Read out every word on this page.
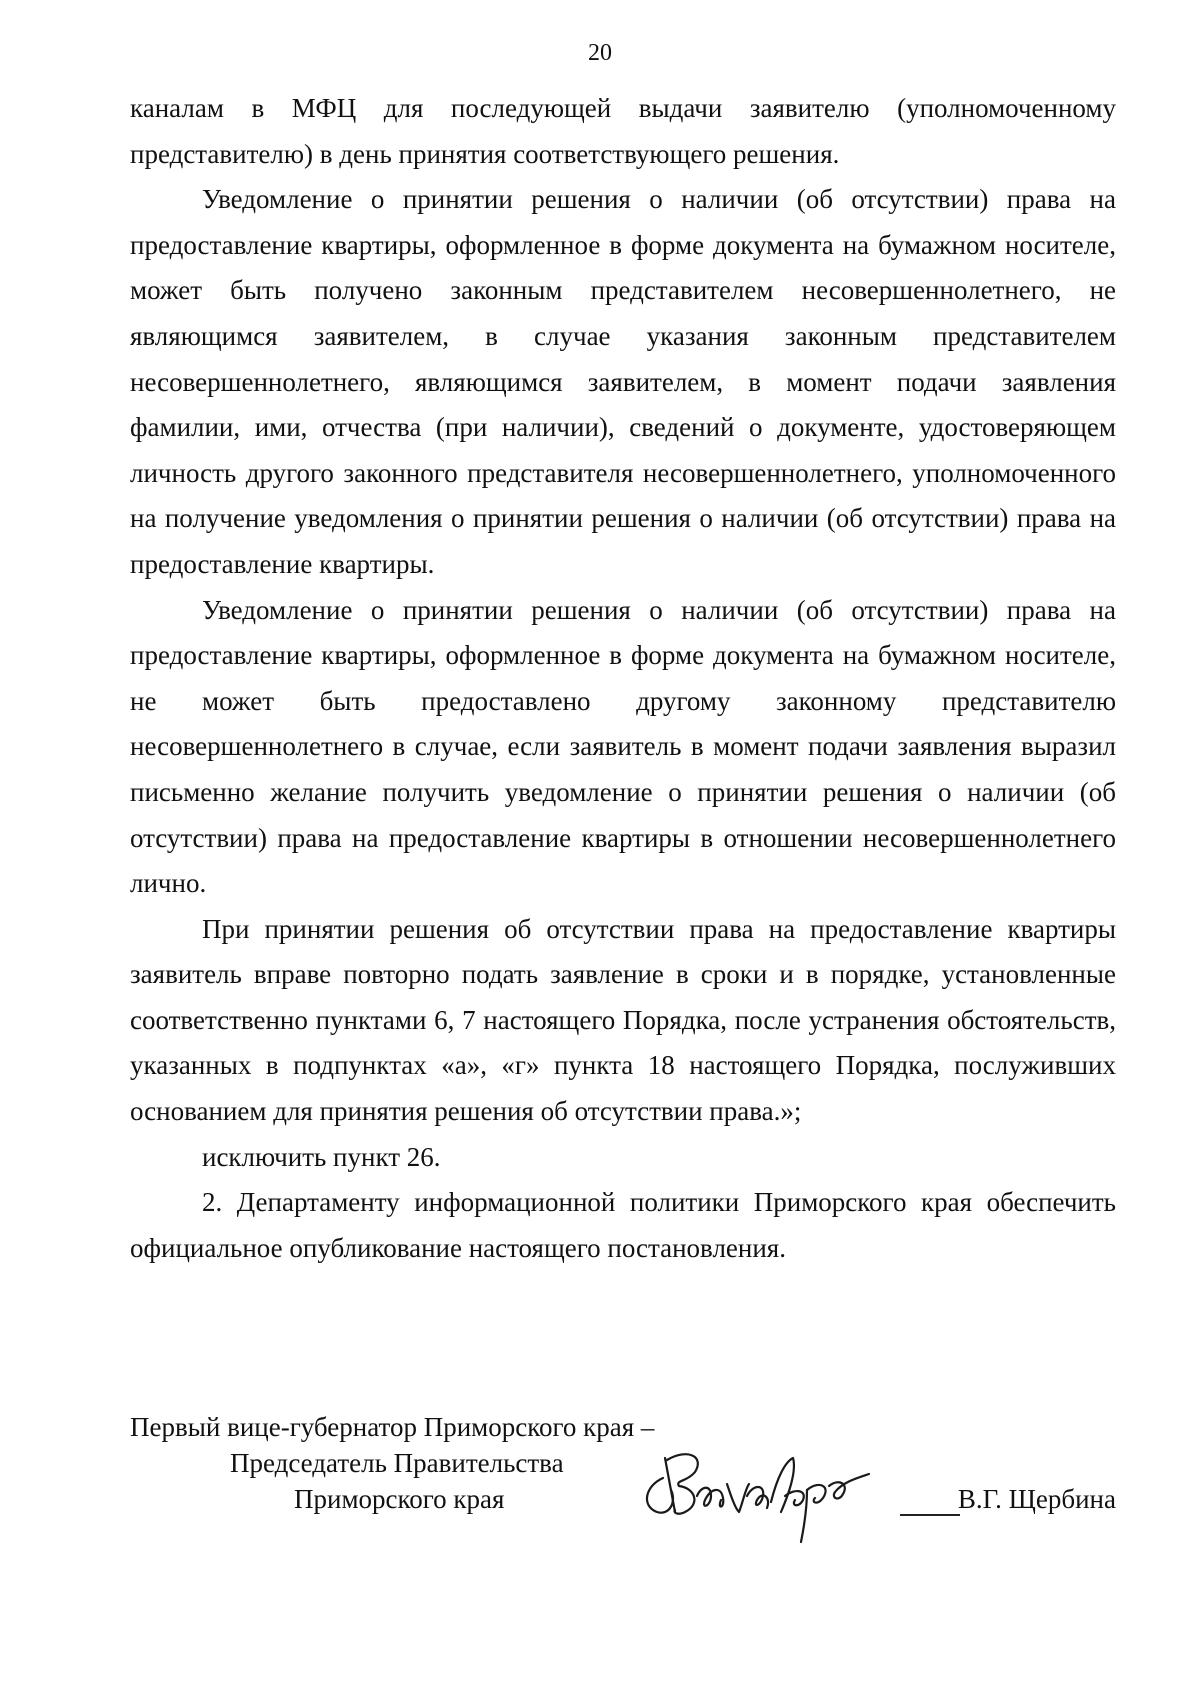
20

каналам в МФЦ для последующей выдачи заявителю (уполномоченному представителю) в день принятия соответствующего решения.

Уведомление о принятии решения о наличии (об отсутствии) права на предоставление квартиры, оформленное в форме документа на бумажном носителе, может быть получено законным представителем несовершеннолетнего, не являющимся заявителем, в случае указания законным представителем несовершеннолетнего, являющимся заявителем, в момент подачи заявления фамилии, ими, отчества (при наличии), сведений о документе, удостоверяющем личность другого законного представителя несовершеннолетнего, уполномоченного на получение уведомления о принятии решения о наличии (об отсутствии) права на предоставление квартиры.

Уведомление о принятии решения о наличии (об отсутствии) права на предоставление квартиры, оформленное в форме документа на бумажном носителе, не может быть предоставлено другому законному представителю несовершеннолетнего в случае, если заявитель в момент подачи заявления выразил письменно желание получить уведомление о принятии решения о наличии (об отсутствии) права на предоставление квартиры в отношении несовершеннолетнего лично.

При принятии решения об отсутствии права на предоставление квартиры заявитель вправе повторно подать заявление в сроки и в порядке, установленные соответственно пунктами 6, 7 настоящего Порядка, после устранения обстоятельств, указанных в подпунктах «а», «г» пункта 18 настоящего Порядка, послуживших основанием для принятия решения об отсутствии права.»;

исключить пункт 26.

2. Департаменту информационной политики Приморского края обеспечить официальное опубликование настоящего постановления.

Первый вице-губернатор Приморского края –
Председатель Правительства
Приморского края	В.Г. Щербина
